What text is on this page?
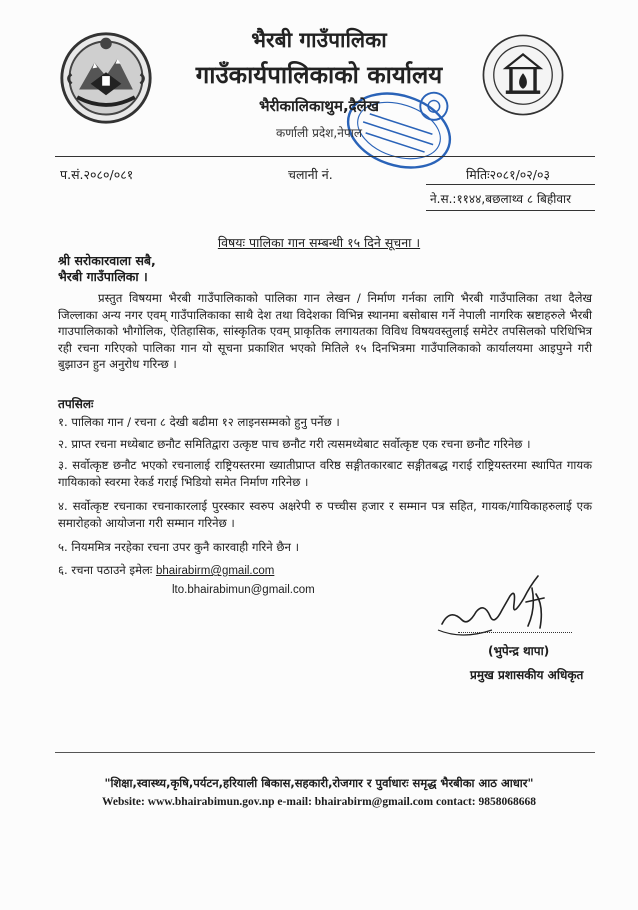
भैरबी गाउँपालिका
गाउँकार्यपालिकाको कार्यालय
भैरीकालिकाथुम,दैलेख
कर्णाली प्रदेश,नेपाल
प.सं.२०८०/०८१	चलानी नं.	मितिः२०८१/०२/०३
ने.स.:११४४,बछलाथ्व ८ बिहीवार
विषयः पालिका गान सम्बन्धी १५ दिने सूचना ।
श्री सरोकारवाला सबै,
भैरबी गाउँपालिका ।

प्रस्तुत विषयमा भैरबी गाउँपालिकाको पालिका गान लेखन / निर्माण गर्नका लागि भैरबी गाउँपालिका तथा दैलेख जिल्लाका अन्य नगर एवम् गाउँपालिकाका साथै देश तथा विदेशका विभिन्न स्थानमा बसोबास गर्ने नेपाली नागरिक स्रष्टाहरुले भैरबी गाउपालिकाको भौगोलिक, ऐतिहासिक, सांस्कृतिक एवम् प्राकृतिक लगायतका विविध विषयवस्तुलाई समेटेर तपसिलको परिधिभित्र रही रचना गरिएको पालिका गान यो सूचना प्रकाशित भएको मितिले १५ दिनभित्रमा गाउँपालिकाको कार्यालयमा आइपुग्ने गरी बुझाउन हुन अनुरोध गरिन्छ ।

तपसिलः

१. पालिका गान / रचना ८ देखी बढीमा १२ लाइनसम्मको हुनु पर्नेछ ।

२. प्राप्त रचना मध्येबाट छनौट समितिद्वारा उत्कृष्ट पाच छनौट गरी त्यसमध्येबाट सर्वोत्कृष्ट एक रचना छनौट गरिनेछ ।

३. सर्वोत्कृष्ट छनौट भएको रचनालाई राष्ट्रियस्तरमा ख्यातीप्राप्त वरिष्ठ सङ्गीतकारबाट सङ्गीतबद्ध गराई राष्ट्रियस्तरमा स्थापित गायक गायिकाको स्वरमा रेकर्ड गराई भिडियो समेत निर्माण गरिनेछ ।

४. सर्वोत्कृष्ट रचनाका रचनाकारलाई पुरस्कार स्वरुप अक्षरेपी रु पच्चीस हजार र सम्मान पत्र सहित, गायक/गायिकाहरुलाई एक समारोहको आयोजना गरी सम्मान गरिनेछ ।

५. नियममित्र नरहेका रचना उपर कुनै कारवाही गरिने छैन ।

६. रचना पठाउने इमेलः bhairabirm@gmail.com
lto.bhairabimun@gmail.com
(भुपेन्द्र थापा)
प्रमुख प्रशासकीय अधिकृत
"शिक्षा,स्वास्थ्य,कृषि,पर्यटन,हरियाली बिकास,सहकारी,रोजगार र पुर्वाधारः समृद्ध भैरबीका आठ आधार"
Website: www.bhairabimun.gov.np e-mail: bhairabirm@gmail.com contact: 9858068668
